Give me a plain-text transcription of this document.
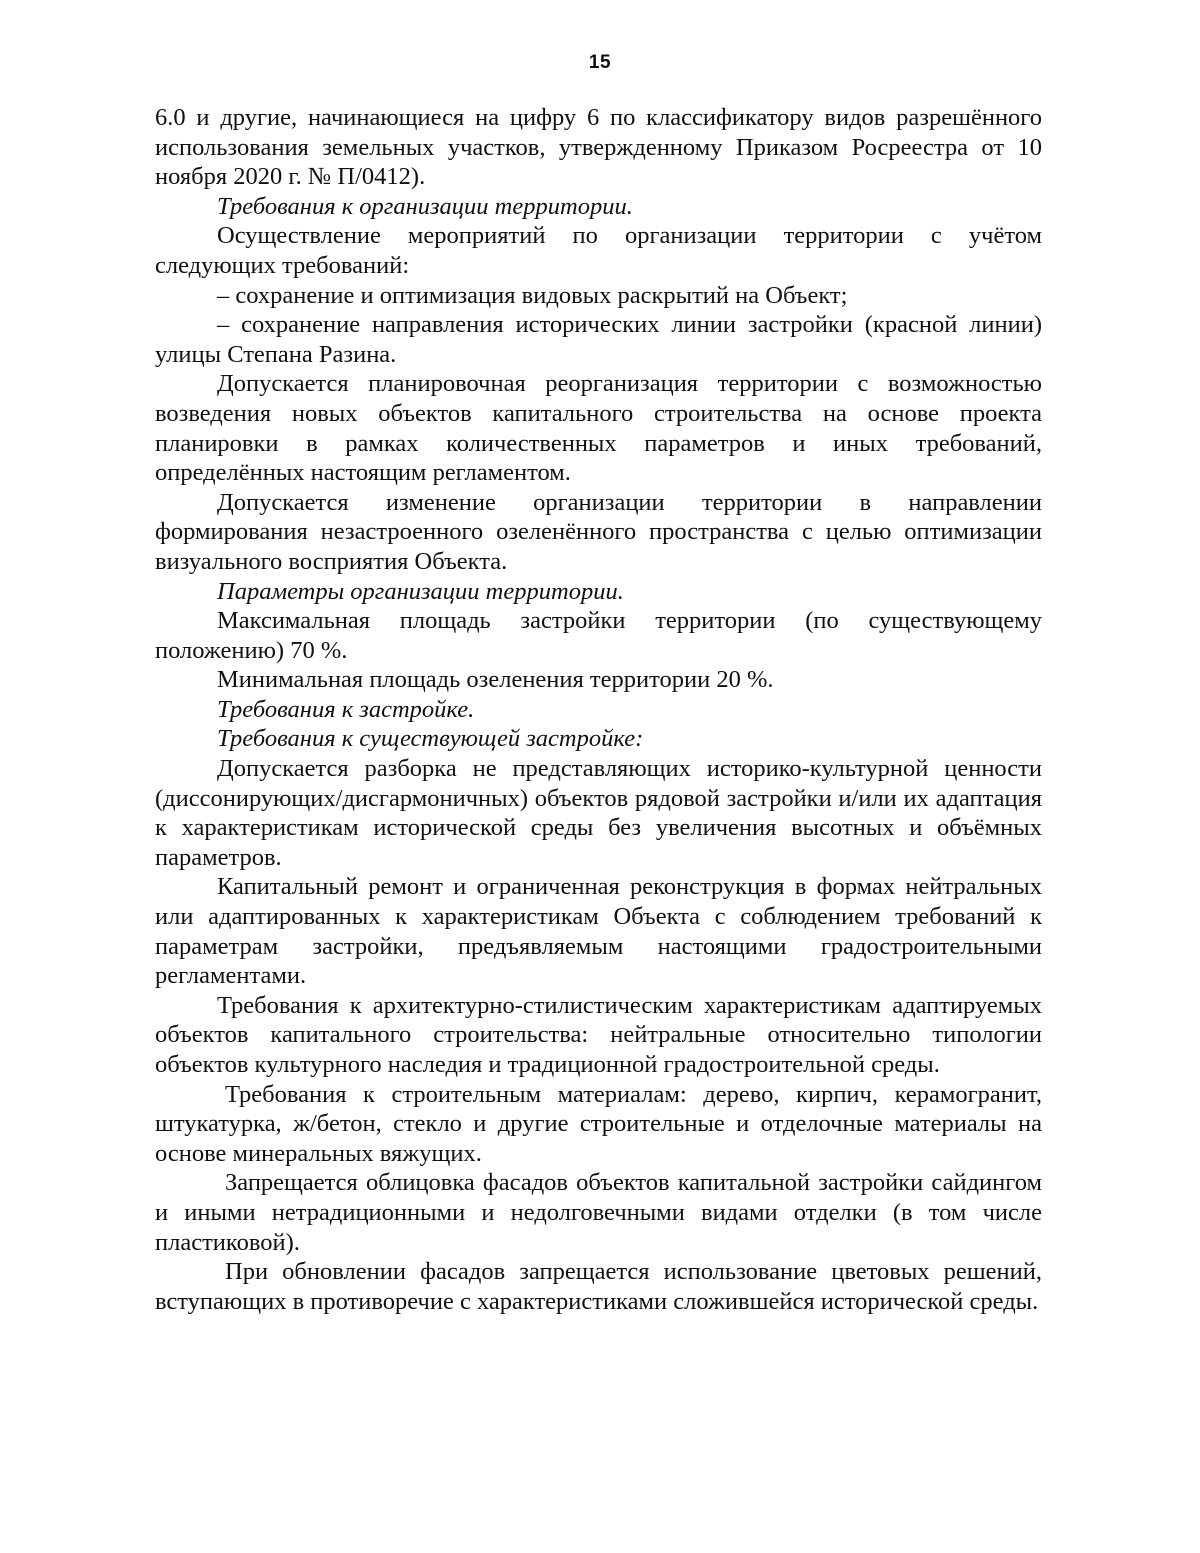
15

6.0 и другие, начинающиеся на цифру 6 по классификатору видов разрешённого использования земельных участков, утвержденному Приказом Росреестра от 10 ноября 2020 г. № П/0412).

Требования к организации территории.

Осуществление мероприятий по организации территории с учётом следующих требований:

– сохранение и оптимизация видовых раскрытий на Объект;

– сохранение направления исторических линии застройки (красной линии) улицы Степана Разина.

Допускается планировочная реорганизация территории с возможностью возведения новых объектов капитального строительства на основе проекта планировки в рамках количественных параметров и иных требований, определённых настоящим регламентом.

Допускается изменение организации территории в направлении формирования незастроенного озеленённого пространства с целью оптимизации визуального восприятия Объекта.

Параметры организации территории.

Максимальная площадь застройки территории (по существующему положению) 70 %.

Минимальная площадь озеленения территории 20 %.

Требования к застройке.

Требования к существующей застройке:

Допускается разборка не представляющих историко-культурной ценности (диссонирующих/дисгармоничных) объектов рядовой застройки и/или их адаптация к характеристикам исторической среды без увеличения высотных и объёмных параметров.

Капитальный ремонт и ограниченная реконструкция в формах нейтральных или адаптированных к характеристикам Объекта с соблюдением требований к параметрам застройки, предъявляемым настоящими градостроительными регламентами.

Требования к архитектурно-стилистическим характеристикам адаптируемых объектов капитального строительства: нейтральные относительно типологии объектов культурного наследия и традиционной градостроительной среды.

Требования к строительным материалам: дерево, кирпич, керамогранит, штукатурка, ж/бетон, стекло и другие строительные и отделочные материалы на основе минеральных вяжущих.

Запрещается облицовка фасадов объектов капитальной застройки сайдингом и иными нетрадиционными и недолговечными видами отделки (в том числе пластиковой).

При обновлении фасадов запрещается использование цветовых решений, вступающих в противоречие с характеристиками сложившейся исторической среды.
